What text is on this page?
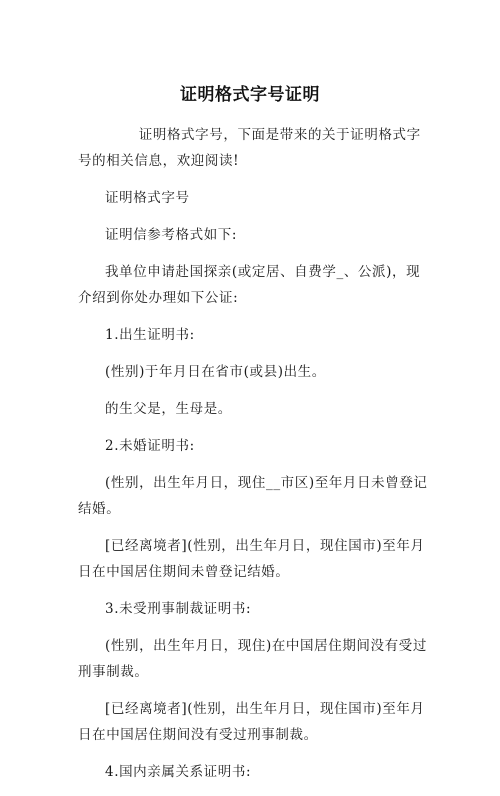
证明格式字号证明

证明格式字号，下面是带来的关于证明格式字号的相关信息，欢迎阅读!

证明格式字号

证明信参考格式如下:

我单位申请赴国探亲(或定居、自费学_、公派)，现介绍到你处办理如下公证:

1.出生证明书:

(性别)于年月日在省市(或县)出生。

的生父是，生母是。

2.未婚证明书:

(性别，出生年月日，现住__市区)至年月日未曾登记结婚。

[已经离境者](性别，出生年月日，现住国市)至年月日在中国居住期间未曾登记结婚。

3.未受刑事制裁证明书:

(性别，出生年月日，现住)在中国居住期间没有受过刑事制裁。

[已经离境者](性别，出生年月日，现住国市)至年月日在中国居住期间没有受过刑事制裁。

4.国内亲属关系证明书:
